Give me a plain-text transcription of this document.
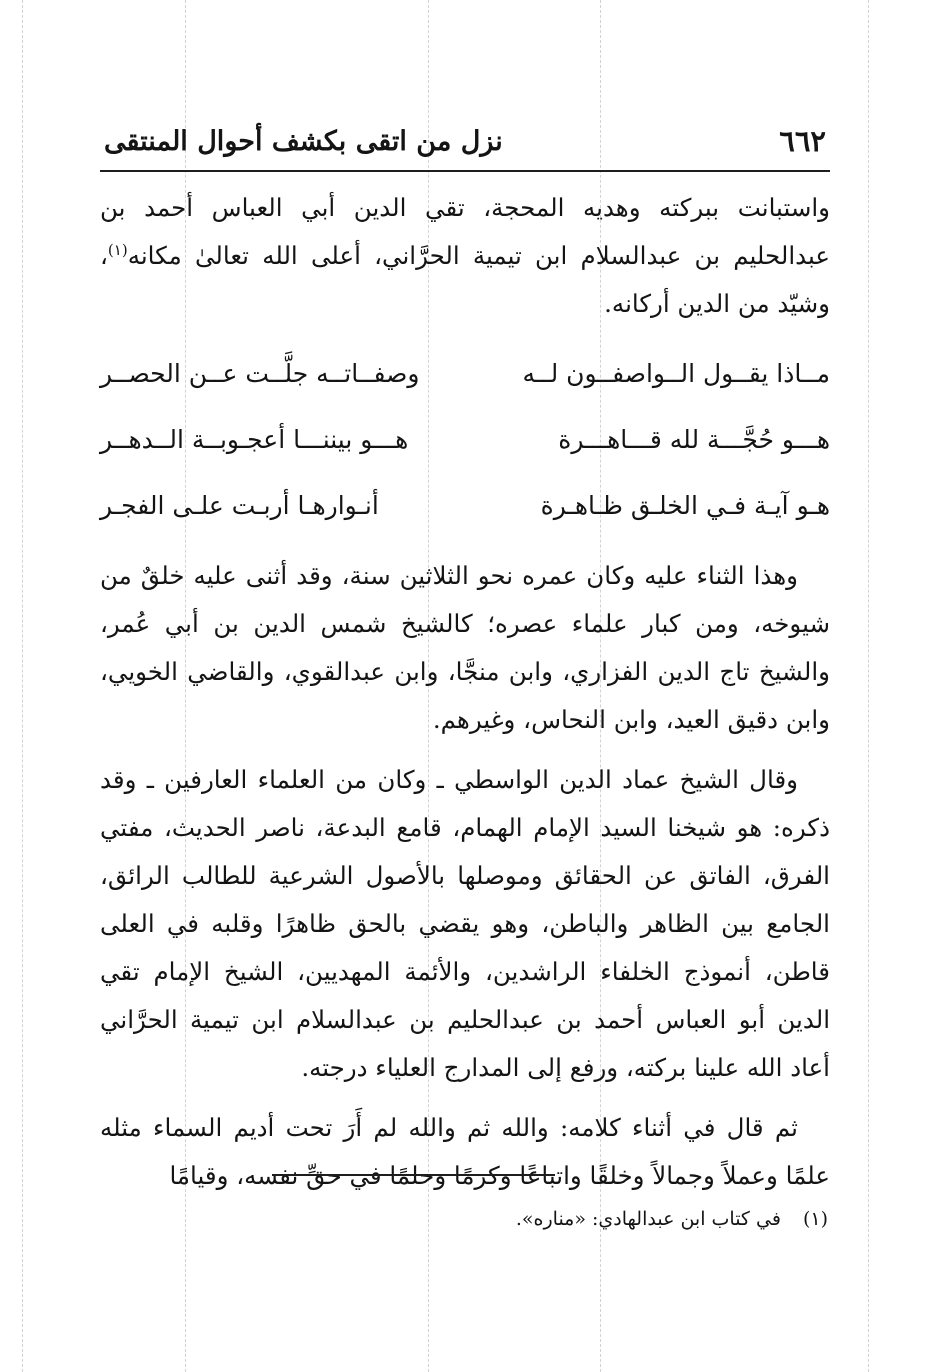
٦٦٢
نزل من اتقى بكشف أحوال المنتقى

واستبانت ببركته وهديه المحجة، تقي الدين أبي العباس أحمد بن عبدالحليم بن عبدالسلام ابن تيمية الحرَّاني، أعلى الله تعالىٰ مكانه$^{(١)}$، وشيّد من الدين أركانه.

مــاذا يقــول الــواصفــون لــه
وصفــاتــه جلَّــت عــن الحصــر
هـــو حُجَّـــة لله قـــاهـــرة
هـــو بيننـــا أعجـوبــة الــدهــر
هـو آيـة فـي الخلـق ظـاهـرة
أنـوارهـا أربـت علـى الفجـر

وهذا الثناء عليه وكان عمره نحو الثلاثين سنة، وقد أثنى عليه خلقٌ من شيوخه، ومن كبار علماء عصره؛ كالشيخ شمس الدين بن أبي عُمر، والشيخ تاج الدين الفزاري، وابن منجَّا، وابن عبدالقوي، والقاضي الخويي، وابن دقيق العيد، وابن النحاس، وغيرهم.

وقال الشيخ عماد الدين الواسطي ـ وكان من العلماء العارفين ـ وقد ذكره: هو شيخنا السيد الإمام الهمام، قامع البدعة، ناصر الحديث، مفتي الفرق، الفاتق عن الحقائق وموصلها بالأصول الشرعية للطالب الرائق، الجامع بين الظاهر والباطن، وهو يقضي بالحق ظاهرًا وقلبه في العلى قاطن، أنموذج الخلفاء الراشدين، والأئمة المهديين، الشيخ الإمام تقي الدين أبو العباس أحمد بن عبدالحليم بن عبدالسلام ابن تيمية الحرَّاني أعاد الله علينا بركته، ورفع إلى المدارج العلياء درجته.

ثم قال في أثناء كلامه: والله ثم والله لم أَرَ تحت أديم السماء مثله علمًا وعملاً وجمالاً وخلقًا واتباعًا وكرمًا وحلمًا في حقِّ نفسه، وقيامًا

(١)في كتاب ابن عبدالهادي: «مناره».
